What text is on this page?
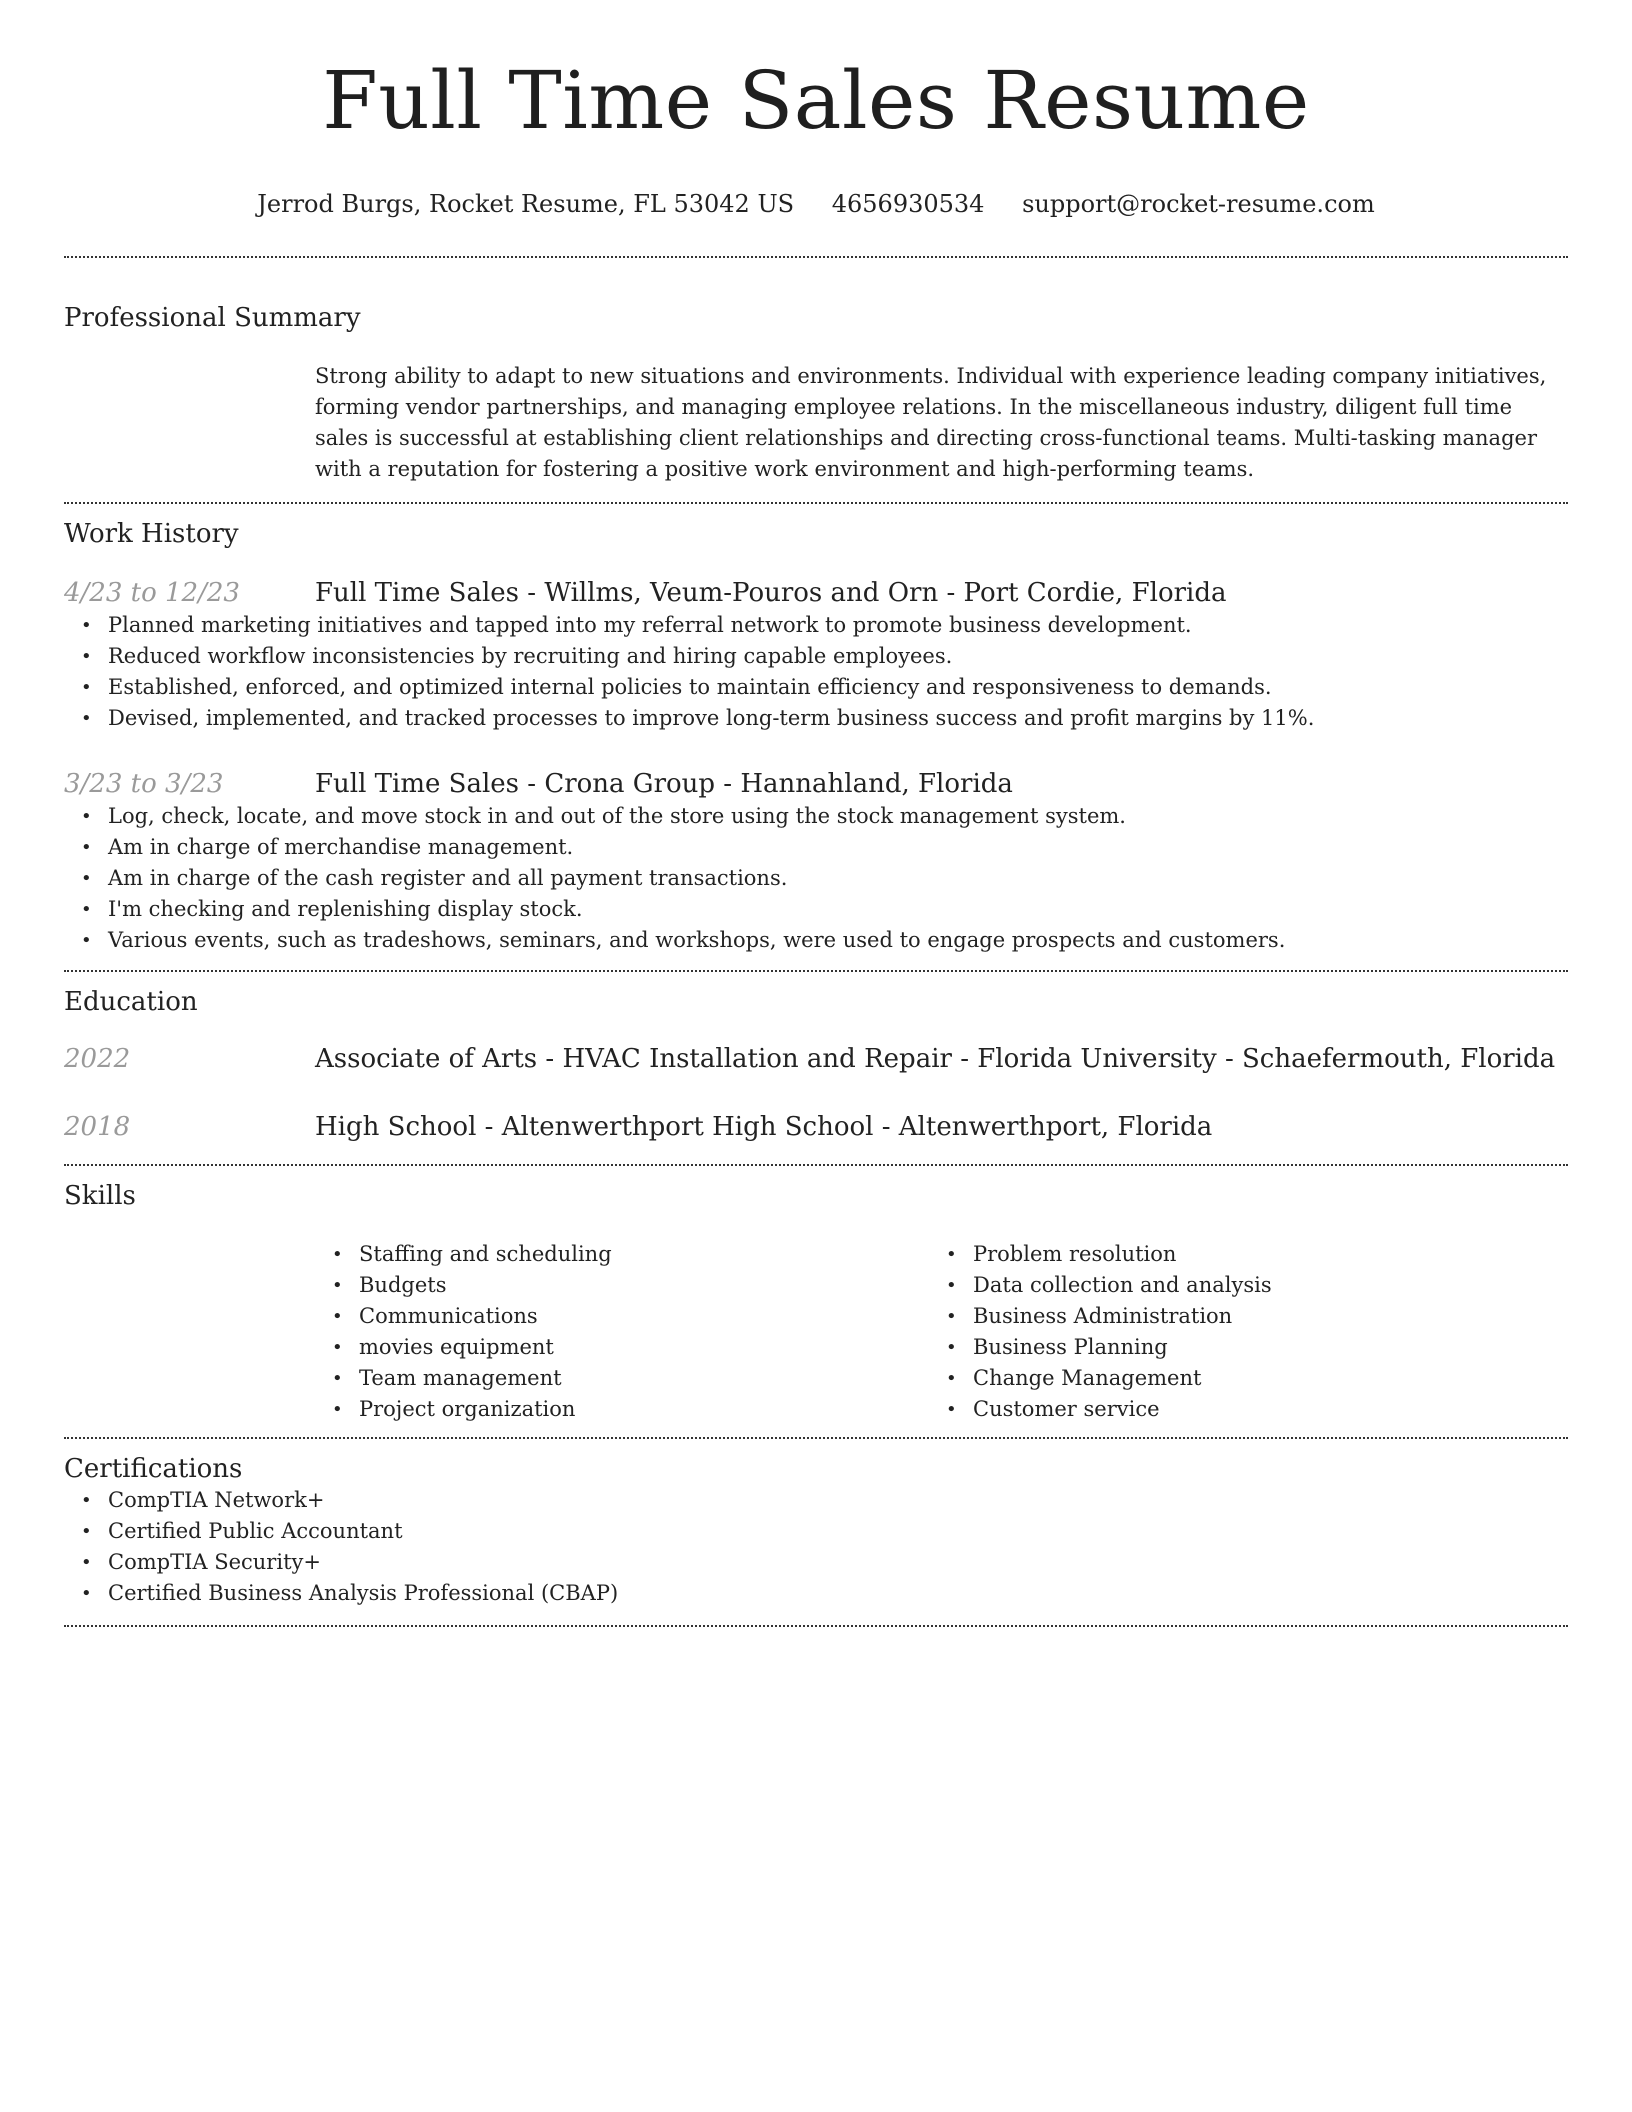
Full Time Sales Resume
Jerrod Burgs, Rocket Resume, FL 53042 US 4656930534 support@rocket-resume.com
Professional Summary

Strong ability to adapt to new situations and environments. Individual with experience leading company initiatives, forming vendor partnerships, and managing employee relations. In the miscellaneous industry, diligent full time sales is successful at establishing client relationships and directing cross-functional teams. Multi-tasking manager with a reputation for fostering a positive work environment and high-performing teams.

Work History
4/23 to 12/23	Full Time Sales - Willms, Veum-Pouros and Orn - Port Cordie, Florida
• Planned marketing initiatives and tapped into my referral network to promote business development.
• Reduced workflow inconsistencies by recruiting and hiring capable employees.
• Established, enforced, and optimized internal policies to maintain efficiency and responsiveness to demands.
• Devised, implemented, and tracked processes to improve long-term business success and profit margins by 11%.
3/23 to 3/23	Full Time Sales - Crona Group - Hannahland, Florida
• Log, check, locate, and move stock in and out of the store using the stock management system.
• Am in charge of merchandise management.
• Am in charge of the cash register and all payment transactions.
• I'm checking and replenishing display stock.
• Various events, such as tradeshows, seminars, and workshops, were used to engage prospects and customers.
Education
2022	Associate of Arts - HVAC Installation and Repair - Florida University - Schaefermouth, Florida
2018	High School - Altenwerthport High School - Altenwerthport, Florida
Skills
• Staffing and scheduling
• Budgets
• Communications
• movies equipment
• Team management
• Project organization
• Problem resolution
• Data collection and analysis
• Business Administration
• Business Planning
• Change Management
• Customer service
Certifications
• CompTIA Network+
• Certified Public Accountant
• CompTIA Security+
• Certified Business Analysis Professional (CBAP)
